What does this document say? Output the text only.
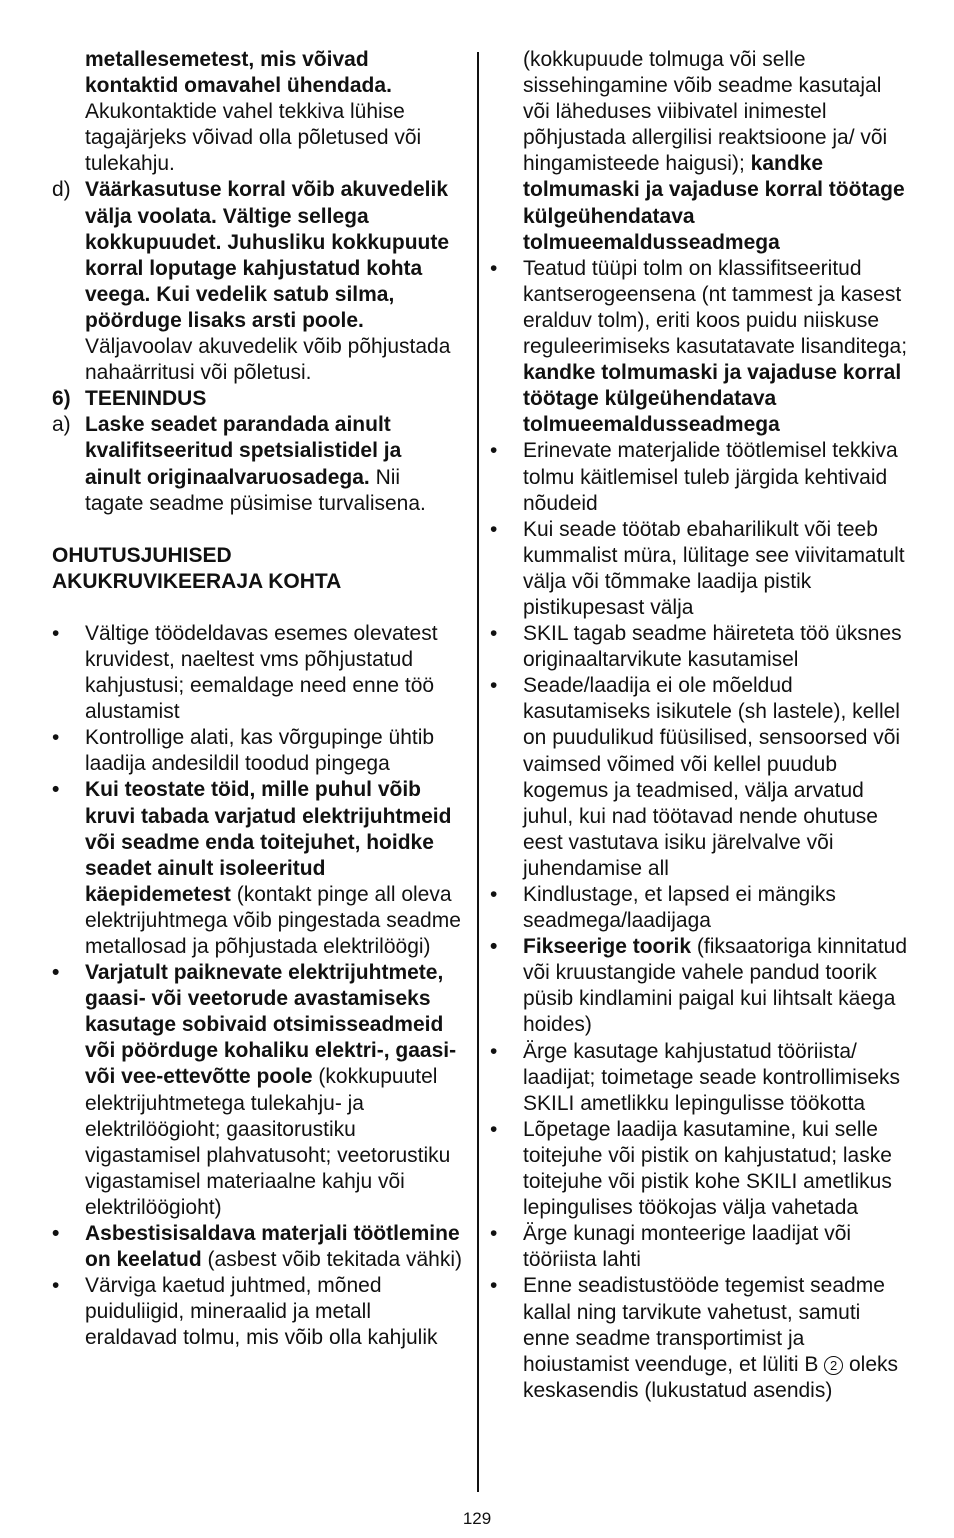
metallesemetest, mis võivad kontaktid omavahel ühendada. Akukontaktide vahel tekkiva lühise tagajärjeks võivad olla põletused või tulekahju.
d) Väärkasutuse korral võib akuvedelik välja voolata. Vältige sellega kokkupuudet. Juhusliku kokkupuute korral loputage kahjustatud kohta veega. Kui vedelik satub silma, pöörduge lisaks arsti poole. Väljavoolav akuvedelik võib põhjustada nahaärritusi või põletusi.
6) TEENINDUS
a) Laske seadet parandada ainult kvalifitseeritud spetsialistidel ja ainult originaalvaruosadega. Nii tagate seadme püsimise turvalisena.
OHUTUSJUHISED
AKUKRUVIKEERAJA KOHTA
• Vältige töödeldavas esemes olevatest kruvidest, naeltest vms põhjustatud kahjustusi; eemaldage need enne töö alustamist
• Kontrollige alati, kas võrgupinge ühtib laadija andesildil toodud pingega
• Kui teostate töid, mille puhul võib kruvi tabada varjatud elektrijuhtmeid või seadme enda toitejuhet, hoidke seadet ainult isoleeritud käepidemetest (kontakt pinge all oleva elektrijuhtmega võib pingestada seadme metallosad ja põhjustada elektrilöögi)
• Varjatult paiknevate elektrijuhtmete, gaasi- või veetorude avastamiseks kasutage sobivaid otsimisseadmeid või pöörduge kohaliku elektri-, gaasi- või vee-ettevõtte poole (kokkupuutel elektrijuhtmetega tulekahju- ja elektrilöögioht; gaasitorustiku vigastamisel plahvatusoht; veetorustiku vigastamisel materiaalne kahju või elektrilöögioht)
• Asbestisisaldava materjali töötlemine on keelatud (asbest võib tekitada vähki)
• Värviga kaetud juhtmed, mõned puiduliigid, mineraalid ja metall eraldavad tolmu, mis võib olla kahjulik
(kokkupuude tolmuga või selle sissehingamine võib seadme kasutajal või läheduses viibivatel inimestel põhjustada allergilisi reaktsioone ja/ või hingamisteede haigusi); kandke tolmumaski ja vajaduse korral töötage külgeühendatava tolmueemaldusseadmega
• Teatud tüüpi tolm on klassifitseeritud kantserogeensena (nt tammest ja kasest eralduv tolm), eriti koos puidu niiskuse reguleerimiseks kasutatavate lisanditega; kandke tolmumaski ja vajaduse korral töötage külgeühendatava tolmueemaldusseadmega
• Erinevate materjalide töötlemisel tekkiva tolmu käitlemisel tuleb järgida kehtivaid nõudeid
• Kui seade töötab ebaharilikult või teeb kummalist müra, lülitage see viivitamatult välja või tõmmake laadija pistik pistikupesast välja
• SKIL tagab seadme häireteta töö üksnes originaaltarvikute kasutamisel
• Seade/laadija ei ole mõeldud kasutamiseks isikutele (sh lastele), kellel on puudulikud füüsilised, sensoorsed või vaimsed võimed või kellel puudub kogemus ja teadmised, välja arvatud juhul, kui nad töötavad nende ohutuse eest vastutava isiku järelvalve või juhendamise all
• Kindlustage, et lapsed ei mängiks seadmega/laadijaga
• Fikseerige toorik (fiksaatoriga kinnitatud või kruustangide vahele pandud toorik püsib kindlamini paigal kui lihtsalt käega hoides)
• Ärge kasutage kahjustatud tööriista/ laadijat; toimetage seade kontrollimiseks SKILI ametlikku lepingulisse töökotta
• Lõpetage laadija kasutamine, kui selle toitejuhe või pistik on kahjustatud; laske toitejuhe või pistik kohe SKILI ametlikus lepingulises töökojas välja vahetada
• Ärge kunagi monteerige laadijat või tööriista lahti
• Enne seadistustööde tegemist seadme kallal ning tarvikute vahetust, samuti enne seadme transportimist ja hoiustamist veenduge, et lüliti B 2 oleks keskasendis (lukustatud asendis)
129
